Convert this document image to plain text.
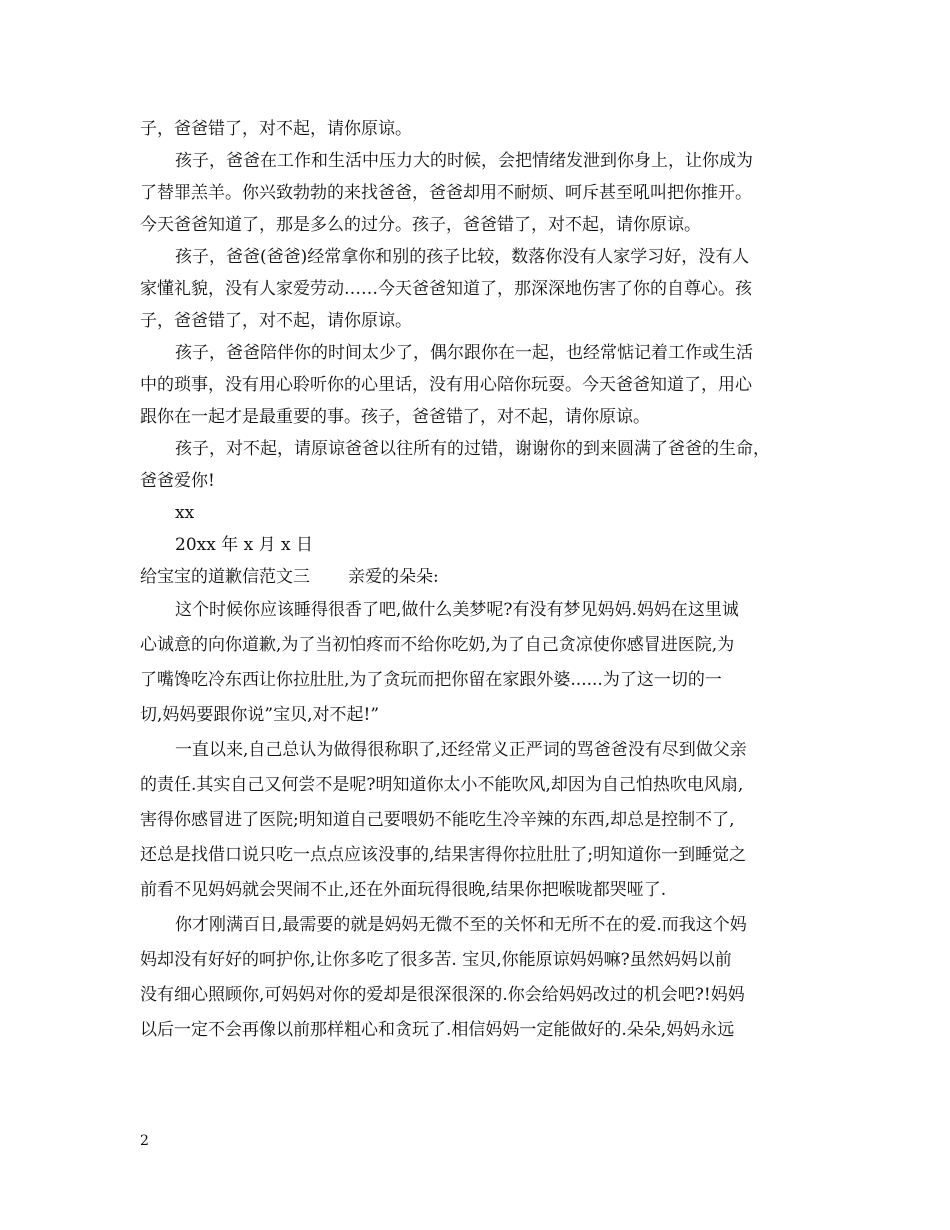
子，爸爸错了，对不起，请你原谅。
孩子，爸爸在工作和生活中压力大的时候，会把情绪发泄到你身上，让你成为
了替罪羔羊。你兴致勃勃的来找爸爸，爸爸却用不耐烦、呵斥甚至吼叫把你推开。
今天爸爸知道了，那是多么的过分。孩子，爸爸错了，对不起，请你原谅。
孩子，爸爸(爸爸)经常拿你和别的孩子比较，数落你没有人家学习好，没有人
家懂礼貌，没有人家爱劳动……今天爸爸知道了，那深深地伤害了你的自尊心。孩
子，爸爸错了，对不起，请你原谅。
孩子，爸爸陪伴你的时间太少了，偶尔跟你在一起，也经常惦记着工作或生活
中的琐事，没有用心聆听你的心里话，没有用心陪你玩耍。今天爸爸知道了，用心
跟你在一起才是最重要的事。孩子，爸爸错了，对不起，请你原谅。
孩子，对不起，请原谅爸爸以往所有的过错，谢谢你的到来圆满了爸爸的生命，
爸爸爱你!
xx
20xx 年 x 月 x 日
给宝宝的道歉信范文三 亲爱的朵朵:
这个时候你应该睡得很香了吧,做什么美梦呢?有没有梦见妈妈.妈妈在这里诚
心诚意的向你道歉,为了当初怕疼而不给你吃奶,为了自己贪凉使你感冒进医院,为
了嘴馋吃冷东西让你拉肚肚,为了贪玩而把你留在家跟外婆......为了这一切的一
切,妈妈要跟你说”宝贝,对不起!”
一直以来,自己总认为做得很称职了,还经常义正严词的骂爸爸没有尽到做父亲
的责任.其实自己又何尝不是呢?明知道你太小不能吹风,却因为自己怕热吹电风扇,
害得你感冒进了医院;明知道自己要喂奶不能吃生冷辛辣的东西,却总是控制不了,
还总是找借口说只吃一点点应该没事的,结果害得你拉肚肚了;明知道你一到睡觉之
前看不见妈妈就会哭闹不止,还在外面玩得很晚,结果你把喉咙都哭哑了.
你才刚满百日,最需要的就是妈妈无微不至的关怀和无所不在的爱.而我这个妈
妈却没有好好的呵护你,让你多吃了很多苦. 宝贝,你能原谅妈妈嘛?虽然妈妈以前
没有细心照顾你,可妈妈对你的爱却是很深很深的.你会给妈妈改过的机会吧?!妈妈
以后一定不会再像以前那样粗心和贪玩了.相信妈妈一定能做好的.朵朵,妈妈永远
2
